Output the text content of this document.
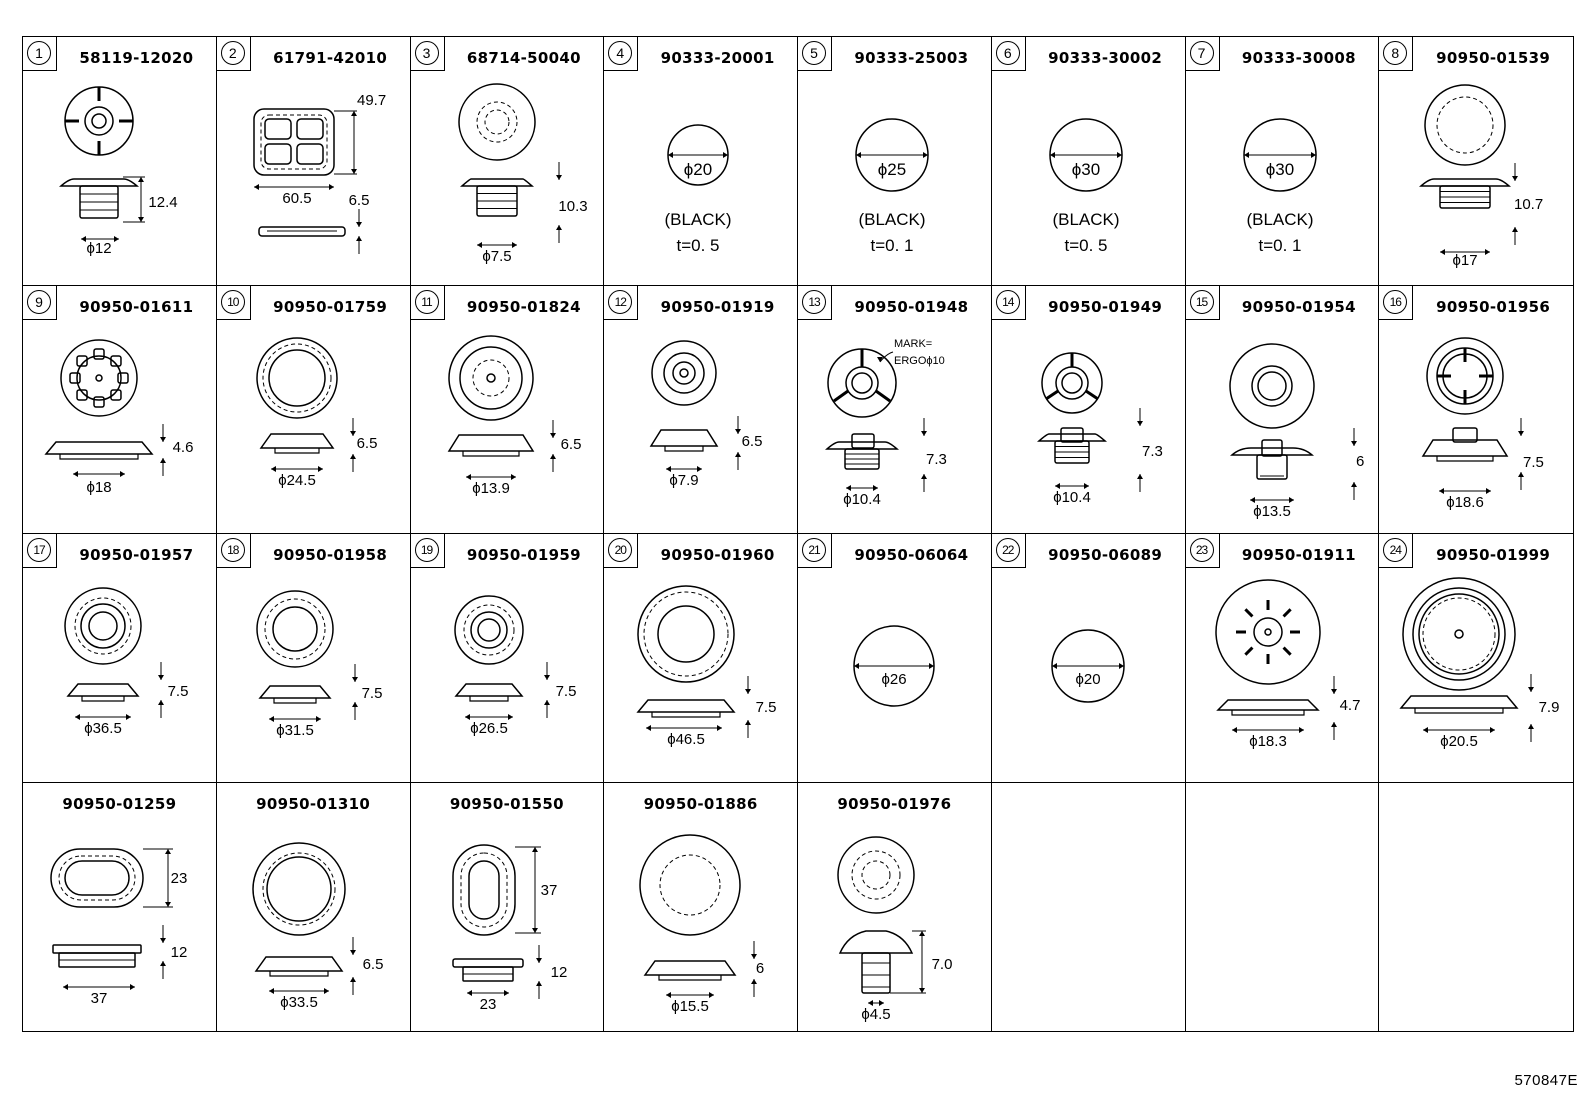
1	58119-12020
12.4
ϕ12
2	61791-42010
49.7
60.5 6.5
3	68714-50040
10.3
ϕ7.5
4	90333-20001
ϕ20
(BLACK)
t=0. 5
5	90333-25003
ϕ25
(BLACK)
t=0. 1
6	90333-30002
ϕ30
(BLACK)
t=0. 5
7	90333-30008
ϕ30
(BLACK)
t=0. 1
8	90950-01539
10.7
ϕ17
9	90950-01611
4.6
ϕ18
10	90950-01759
6.5
ϕ24.5
11	90950-01824
6.5
ϕ13.9
12	90950-01919
6.5
ϕ7.9
13	90950-01948
MARK=
ERGOϕ10
7.3
ϕ10.4
14	90950-01949
7.3
ϕ10.4
15	90950-01954
6
ϕ13.5
16	90950-01956
7.5
ϕ18.6
17	90950-01957
7.5
ϕ36.5
18	90950-01958
7.5
ϕ31.5
19	90950-01959
7.5
ϕ26.5
20	90950-01960
7.5
ϕ46.5
21	90950-06064
ϕ26
22	90950-06089
ϕ20
23	90950-01911
4.7
ϕ18.3
24	90950-01999
7.9
ϕ20.5
90950-01259
23
12
37
90950-01310
6.5
ϕ33.5
90950-01550
37
12
23
90950-01886
6
ϕ15.5
90950-01976
7.0
ϕ4.5
570847E
